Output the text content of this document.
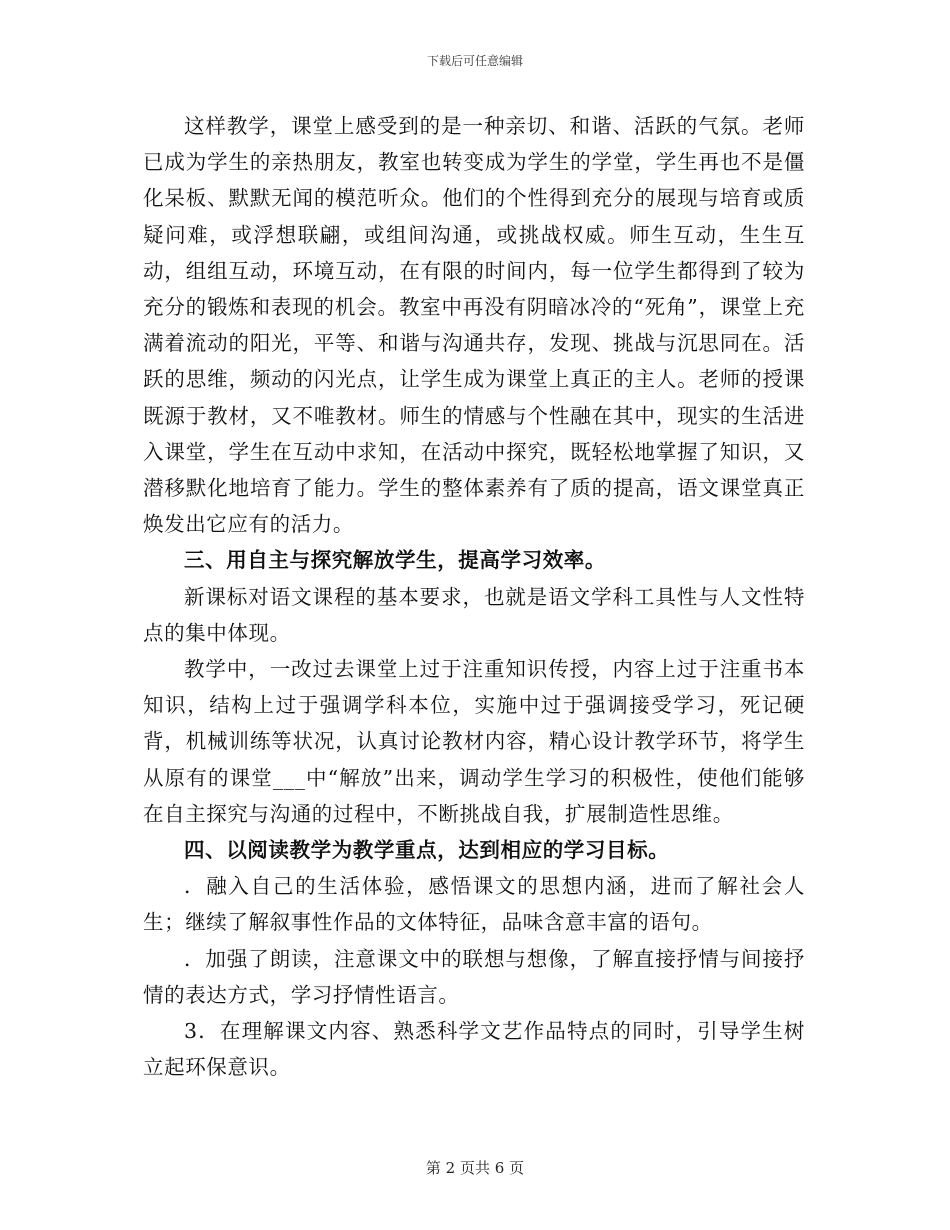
下载后可任意编辑

这样教学，课堂上感受到的是一种亲切、和谐、活跃的气氛。老师已成为学生的亲热朋友，教室也转变成为学生的学堂，学生再也不是僵化呆板、默默无闻的模范听众。他们的个性得到充分的展现与培育或质疑问难，或浮想联翩，或组间沟通，或挑战权威。师生互动，生生互动，组组互动，环境互动，在有限的时间内，每一位学生都得到了较为充分的锻炼和表现的机会。教室中再没有阴暗冰冷的“死角”，课堂上充满着流动的阳光，平等、和谐与沟通共存，发现、挑战与沉思同在。活跃的思维，频动的闪光点，让学生成为课堂上真正的主人。老师的授课既源于教材，又不唯教材。师生的情感与个性融在其中，现实的生活进入课堂，学生在互动中求知，在活动中探究，既轻松地掌握了知识，又潜移默化地培育了能力。学生的整体素养有了质的提高，语文课堂真正焕发出它应有的活力。

三、用自主与探究解放学生，提高学习效率。

新课标对语文课程的基本要求，也就是语文学科工具性与人文性特点的集中体现。

教学中，一改过去课堂上过于注重知识传授，内容上过于注重书本知识，结构上过于强调学科本位，实施中过于强调接受学习，死记硬背，机械训练等状况，认真讨论教材内容，精心设计教学环节，将学生从原有的课堂___中“解放”出来，调动学生学习的积极性，使他们能够在自主探究与沟通的过程中，不断挑战自我，扩展制造性思维。

四、以阅读教学为教学重点，达到相应的学习目标。

．融入自己的生活体验，感悟课文的思想内涵，进而了解社会人生；继续了解叙事性作品的文体特征，品味含意丰富的语句。

．加强了朗读，注意课文中的联想与想像，了解直接抒情与间接抒情的表达方式，学习抒情性语言。

3．在理解课文内容、熟悉科学文艺作品特点的同时，引导学生树立起环保意识。

第 2 页共 6 页
